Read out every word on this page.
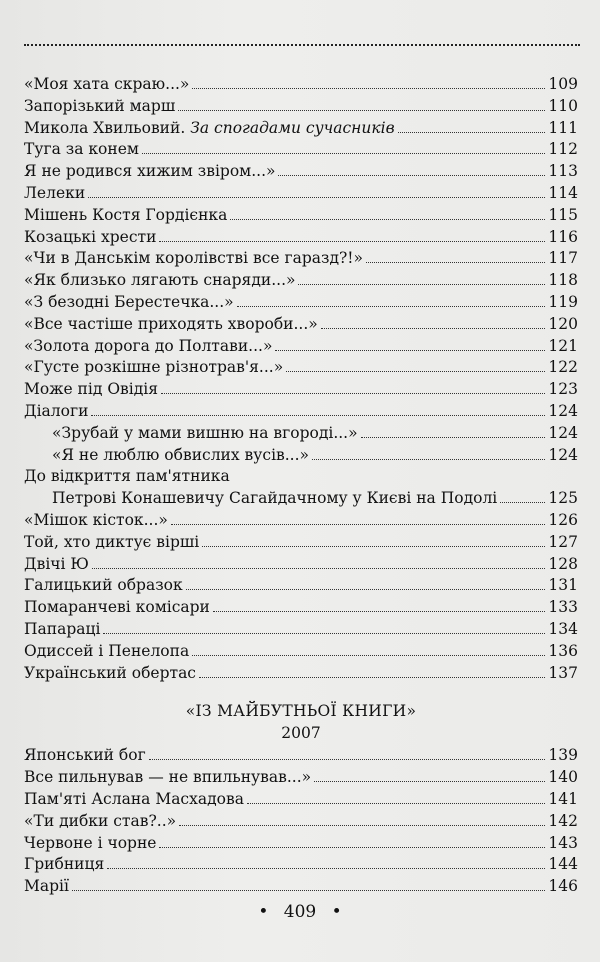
«Моя хата скраю...»	109
Запорізький марш	110
Микола Хвильовий. За спогадами сучасників	111
Туга за конем	112
Я не родився хижим звіром...»	113
Лелеки	114
Мішень Костя Гордієнка	115
Козацькі хрести	116
«Чи в Данськім королівстві все гаразд?!»	117
«Як близько лягають снаряди...»	118
«З безодні Берестечка...»	119
«Все частіше приходять хвороби...»	120
«Золота дорога до Полтави...»	121
«Густе розкішне різнотрав'я...»	122
Може під Овідія	123
Діалоги	124
«Зрубай у мами вишню на вгороді...»	124
«Я не люблю обвислих вусів...»	124
До відкриття пам'ятника
Петрові Конашевичу Сагайдачному у Києві на Подолі	125
«Мішок кісток...»	126
Той, хто диктує вірші	127
Двічі Ю	128
Галицький образок	131
Помаранчеві комісари	133
Папараці	134
Одиссей і Пенелопа	136
Український обертас	137
«ІЗ МАЙБУТНЬОЇ КНИГИ»
2007
Японський бог	139
Все пильнував — не впильнував...»	140
Пам'яті Аслана Масхадова	141
«Ти дибки став?..»	142
Червоне і чорне	143
Грибниця	144
Марії	146
• 409 •
